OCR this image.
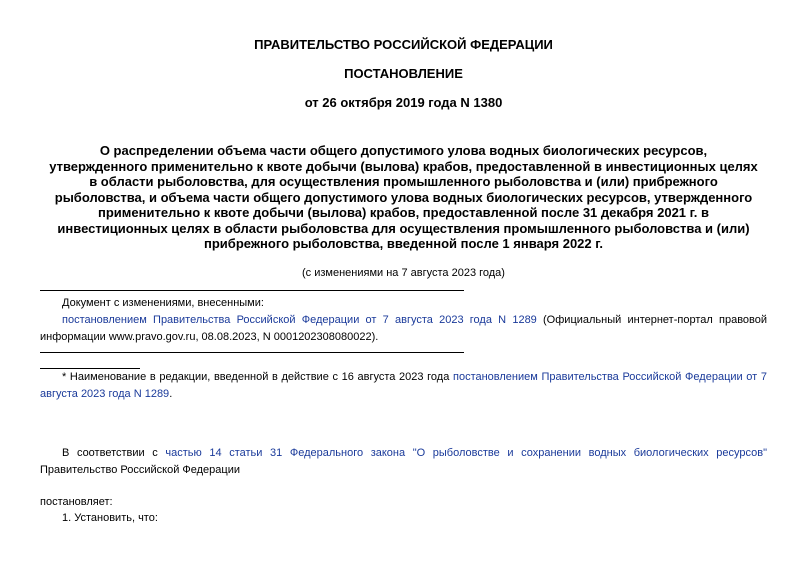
ПРАВИТЕЛЬСТВО РОССИЙСКОЙ ФЕДЕРАЦИИ
ПОСТАНОВЛЕНИЕ
от 26 октября 2019 года N 1380
О распределении объема части общего допустимого улова водных биологических ресурсов,
утвержденного применительно к квоте добычи (вылова) крабов, предоставленной в инвестиционных целях
в области рыболовства, для осуществления промышленного рыболовства и (или) прибрежного
рыболовства, и объема части общего допустимого улова водных биологических ресурсов, утвержденного
применительно к квоте добычи (вылова) крабов, предоставленной после 31 декабря 2021 г. в
инвестиционных целях в области рыболовства для осуществления промышленного рыболовства и (или)
прибрежного рыболовства, введенной после 1 января 2022 г.
(с изменениями на 7 августа 2023 года)
Документ с изменениями, внесенными:
постановлением Правительства Российской Федерации от 7 августа 2023 года N 1289 (Официальный интернет-портал правовой
информации www.pravo.gov.ru, 08.08.2023, N 0001202308080022).
* Наименование в редакции, введенной в действие с 16 августа 2023 года постановлением Правительства Российской Федерации от 7
августа 2023 года N 1289.
В соответствии с частью 14 статьи 31 Федерального закона "О рыболовстве и сохранении водных биологических ресурсов"
Правительство Российской Федерации
постановляет:
1. Установить, что:
